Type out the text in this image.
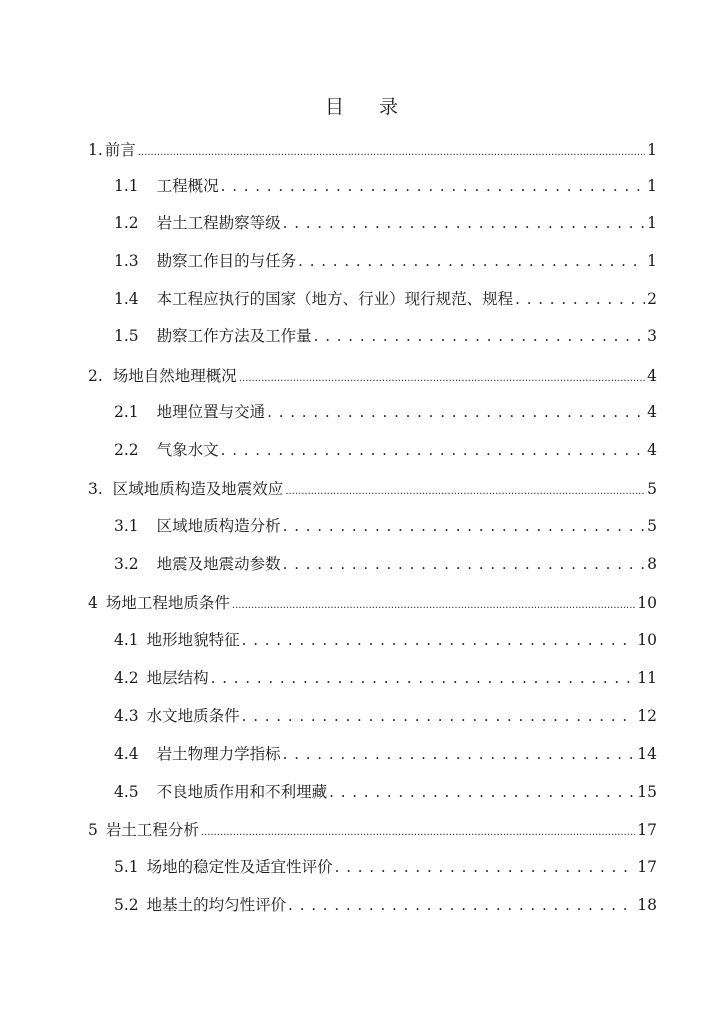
目 录
1. 前言 .....	1
1.1 工程概况 . . .	1
1.2 岩土工程勘察等级 . . .	1
1.3 勘察工作目的与任务 . . .	1
1.4 本工程应执行的国家（地方、行业）现行规范、规程 . . .	2
1.5 勘察工作方法及工作量 . . .	3
2. 场地自然地理概况 .....	4
2.1 地理位置与交通 . . .	4
2.2 气象水文 . . .	4
3. 区域地质构造及地震效应 .....	5
3.1 区域地质构造分析 . . .	5
3.2 地震及地震动参数 . . .	8
4 场地工程地质条件 .....	10
4.1 地形地貌特征 . . .	10
4.2 地层结构 . . .	11
4.3 水文地质条件 . . .	12
4.4 岩土物理力学指标 . . .	14
4.5 不良地质作用和不利埋藏 . . .	15
5 岩土工程分析 .....	17
5.1 场地的稳定性及适宜性评价 . . .	17
5.2 地基土的均匀性评价 . . .	18
